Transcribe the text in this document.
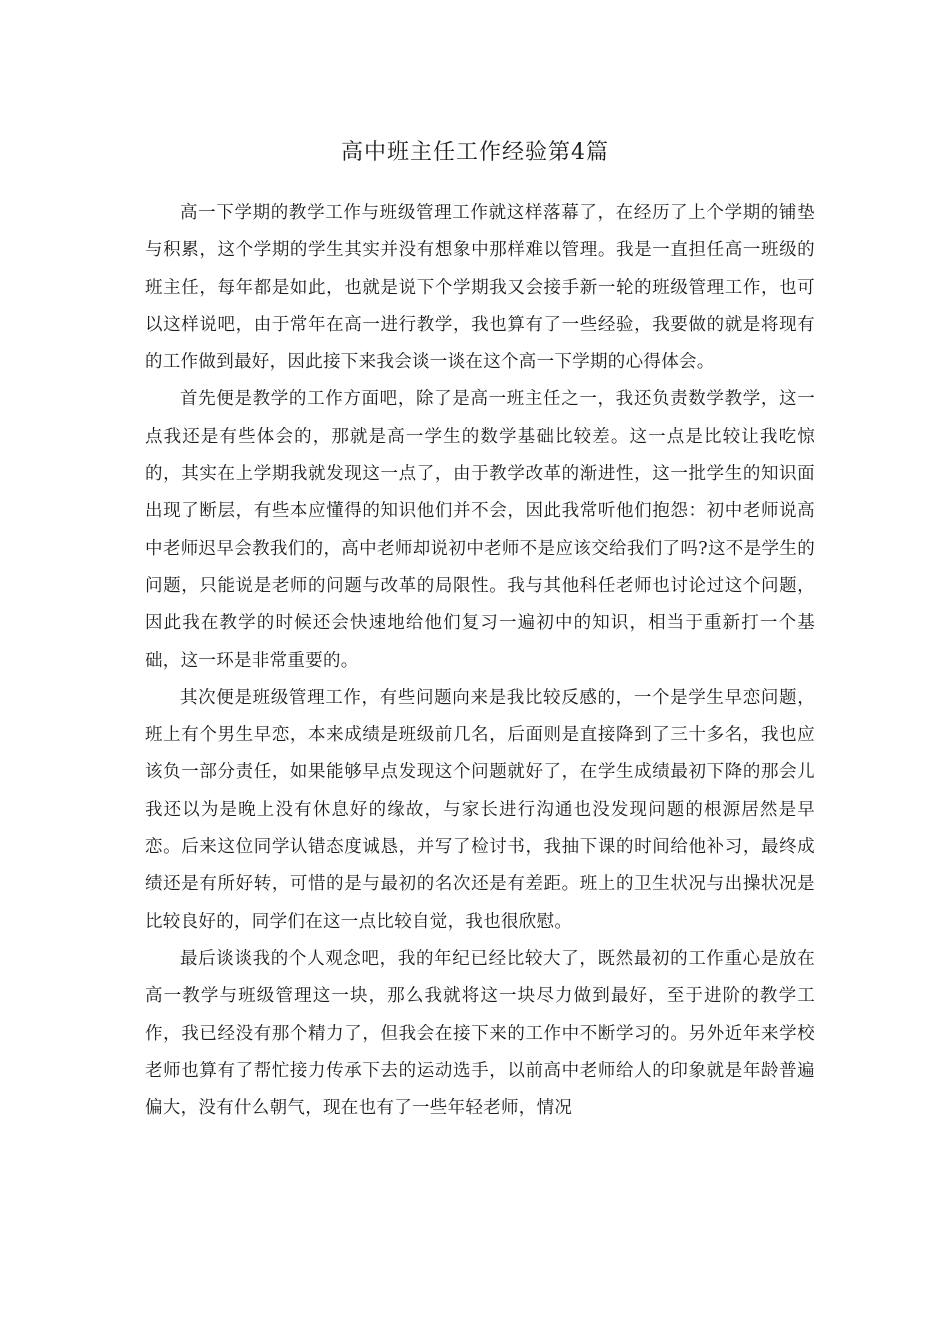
高中班主任工作经验第4篇

高一下学期的教学工作与班级管理工作就这样落幕了，在经历了上个学期的铺垫与积累，这个学期的学生其实并没有想象中那样难以管理。我是一直担任高一班级的班主任，每年都是如此，也就是说下个学期我又会接手新一轮的班级管理工作，也可以这样说吧，由于常年在高一进行教学，我也算有了一些经验，我要做的就是将现有的工作做到最好，因此接下来我会谈一谈在这个高一下学期的心得体会。

首先便是教学的工作方面吧，除了是高一班主任之一，我还负责数学教学，这一点我还是有些体会的，那就是高一学生的数学基础比较差。这一点是比较让我吃惊的，其实在上学期我就发现这一点了，由于教学改革的渐进性，这一批学生的知识面出现了断层，有些本应懂得的知识他们并不会，因此我常听他们抱怨：初中老师说高中老师迟早会教我们的，高中老师却说初中老师不是应该交给我们了吗?这不是学生的问题，只能说是老师的问题与改革的局限性。我与其他科任老师也讨论过这个问题，因此我在教学的时候还会快速地给他们复习一遍初中的知识，相当于重新打一个基础，这一环是非常重要的。

其次便是班级管理工作，有些问题向来是我比较反感的，一个是学生早恋问题，班上有个男生早恋，本来成绩是班级前几名，后面则是直接降到了三十多名，我也应该负一部分责任，如果能够早点发现这个问题就好了，在学生成绩最初下降的那会儿我还以为是晚上没有休息好的缘故，与家长进行沟通也没发现问题的根源居然是早恋。后来这位同学认错态度诚恳，并写了检讨书，我抽下课的时间给他补习，最终成绩还是有所好转，可惜的是与最初的名次还是有差距。班上的卫生状况与出操状况是比较良好的，同学们在这一点比较自觉，我也很欣慰。

最后谈谈我的个人观念吧，我的年纪已经比较大了，既然最初的工作重心是放在高一教学与班级管理这一块，那么我就将这一块尽力做到最好，至于进阶的教学工作，我已经没有那个精力了，但我会在接下来的工作中不断学习的。另外近年来学校老师也算有了帮忙接力传承下去的运动选手，以前高中老师给人的印象就是年龄普遍偏大，没有什么朝气，现在也有了一些年轻老师，情况
